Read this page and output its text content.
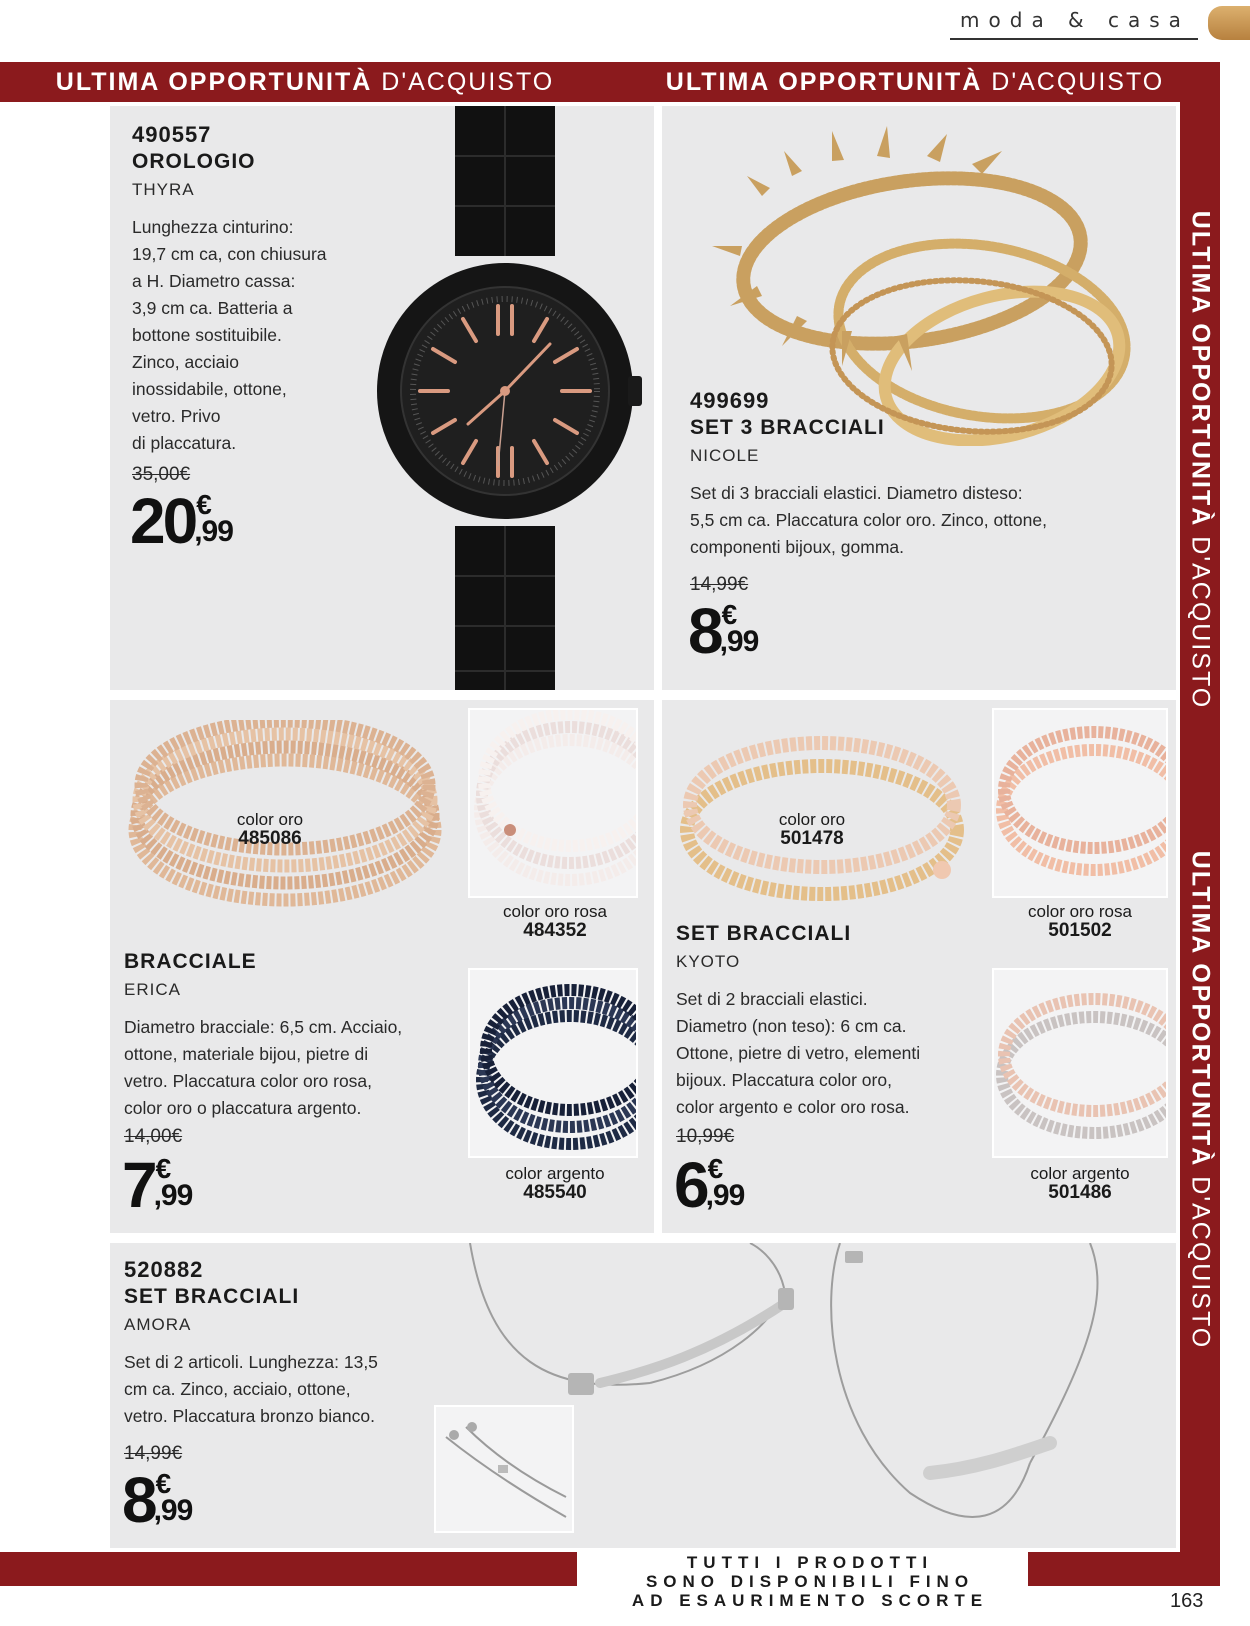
moda & casa
ULTIMA OPPORTUNITÀ D'ACQUISTO	ULTIMA OPPORTUNITÀ D'ACQUISTO
ULTIMA OPPORTUNITÀ D'ACQUISTO
ULTIMA OPPORTUNITÀ D'ACQUISTO
490557
OROLOGIO
THYRA
Lunghezza cinturino:
19,7 cm ca, con chiusura
a H. Diametro cassa:
3,9 cm ca. Batteria a
bottone sostituibile.
Zinco, acciaio
inossidabile, ottone,
vetro. Privo
di placcatura.
35,00€
20 €
,99
499699
SET 3 BRACCIALI
NICOLE
Set di 3 bracciali elastici. Diametro disteso:
5,5 cm ca. Placcatura color oro. Zinco, ottone,
componenti bijoux, gomma.
14,99€
8 €
,99
color oro
485086
color oro rosa
484352
color argento
485540
BRACCIALE
ERICA
Diametro bracciale: 6,5 cm. Acciaio,
ottone, materiale bijou, pietre di
vetro. Placcatura color oro rosa,
color oro o placcatura argento.
14,00€
7 €
,99
color oro
501478
color oro rosa
501502
color argento
501486
SET BRACCIALI
KYOTO
Set di 2 bracciali elastici.
Diametro (non teso): 6 cm ca.
Ottone, pietre di vetro, elementi
bijoux. Placcatura color oro,
color argento e color oro rosa.
10,99€
6 €
,99
520882
SET BRACCIALI
AMORA
Set di 2 articoli. Lunghezza: 13,5
cm ca. Zinco, acciaio, ottone,
vetro. Placcatura bronzo bianco.
14,99€
8 €
,99
TUTTI I PRODOTTI
SONO DISPONIBILI FINO
AD ESAURIMENTO SCORTE	163
